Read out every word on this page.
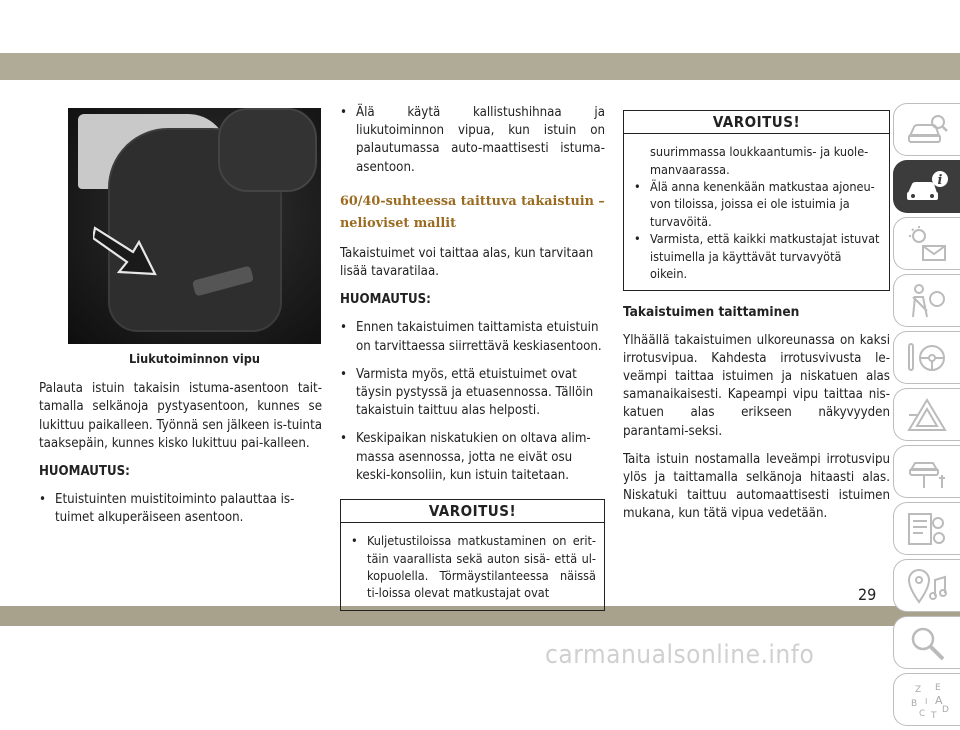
Liukutoiminnon vipu

Palauta istuin takaisin istuma-asentoon tait-tamalla selkänoja pystyasentoon, kunnes se lukittuu paikalleen. Työnnä sen jälkeen is-tuinta taaksepäin, kunnes kisko lukittuu pai-kalleen.

HUOMAUTUS:

• Etuistuinten muistitoiminto palauttaa is-tuimet alkuperäiseen asentoon.

• Älä käytä kallistushihnaa ja liukutoiminnon vipua, kun istuin on palautumassa auto-maattisesti istuma-asentoon.

60/40-suhteessa taittuva takaistuin –
nelioviset mallit

Takaistuimet voi taittaa alas, kun tarvitaan lisää tavaratilaa.

HUOMAUTUS:

• Ennen takaistuimen taittamista etuistuin on tarvittaessa siirrettävä keskiasentoon.

• Varmista myös, että etuistuimet ovat täysin pystyssä ja etuasennossa. Tällöin takaistuin taittuu alas helposti.

• Keskipaikan niskatukien on oltava alim-massa asennossa, jotta ne eivät osu keski-konsoliin, kun istuin taitetaan.

VAROITUS!

• Kuljetustiloissa matkustaminen on erit-täin vaarallista sekä auton sisä- että ul-kopuolella. Törmäystilanteessa näissä ti-loissa olevat matkustajat ovat

VAROITUS!

suurimmassa loukkaantumis- ja kuole-manvaarassa.

• Älä anna kenenkään matkustaa ajoneu-von tiloissa, joissa ei ole istuimia ja turvavöitä.

• Varmista, että kaikki matkustajat istuvat istuimella ja käyttävät turvavyötä oikein.

Takaistuimen taittaminen

Ylhäällä takaistuimen ulkoreunassa on kaksi irrotusvipua. Kahdesta irrotusvivusta le-veämpi taittaa istuimen ja niskatuen alas samanaikaisesti. Kapeampi vipu taittaa nis-katuen alas erikseen näkyvyyden parantami-seksi.

Taita istuin nostamalla leveämpi irrotusvipu ylös ja taittamalla selkänoja hitaasti alas. Niskatuki taittuu automaattisesti istuimen mukana, kun tätä vipua vedetään.

i
Z E
B A
C T
D
I
29
carmanualsonline.info
